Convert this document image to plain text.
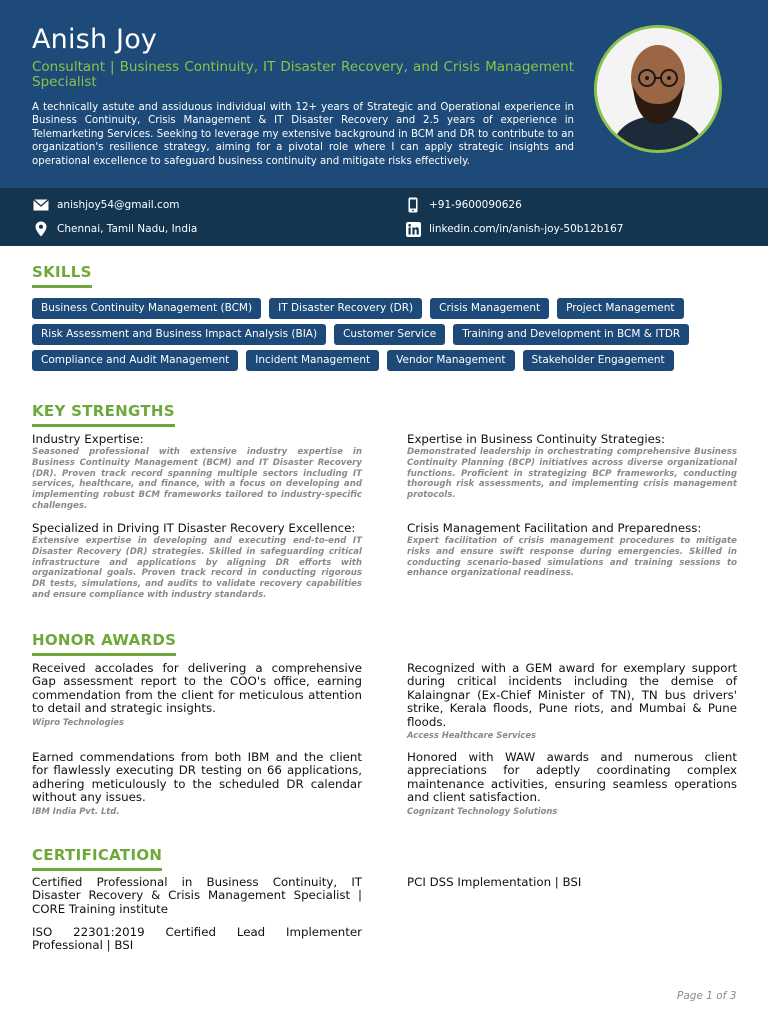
Anish Joy
Consultant | Business Continuity, IT Disaster Recovery, and Crisis Management Specialist
A technically astute and assiduous individual with 12+ years of Strategic and Operational experience in Business Continuity, Crisis Management & IT Disaster Recovery and 2.5 years of experience in Telemarketing Services. Seeking to leverage my extensive background in BCM and DR to contribute to an organization's resilience strategy, aiming for a pivotal role where I can apply strategic insights and operational excellence to safeguard business continuity and mitigate risks effectively.
anishjoy54@gmail.com	+91-9600090626
Chennai, Tamil Nadu, India	linkedin.com/in/anish-joy-50b12b167
SKILLS
Business Continuity Management (BCM)	IT Disaster Recovery (DR)	Crisis Management	Project Management
Risk Assessment and Business Impact Analysis (BIA)	Customer Service	Training and Development in BCM & ITDR
Compliance and Audit Management	Incident Management	Vendor Management	Stakeholder Engagement
KEY STRENGTHS
Industry Expertise:
Seasoned professional with extensive industry expertise in Business Continuity Management (BCM) and IT Disaster Recovery (DR). Proven track record spanning multiple sectors including IT services, healthcare, and finance, with a focus on developing and implementing robust BCM frameworks tailored to industry-specific challenges.
Expertise in Business Continuity Strategies:
Demonstrated leadership in orchestrating comprehensive Business Continuity Planning (BCP) initiatives across diverse organizational functions. Proficient in strategizing BCP frameworks, conducting thorough risk assessments, and implementing crisis management protocols.
Specialized in Driving IT Disaster Recovery Excellence:
Extensive expertise in developing and executing end-to-end IT Disaster Recovery (DR) strategies. Skilled in safeguarding critical infrastructure and applications by aligning DR efforts with organizational goals. Proven track record in conducting rigorous DR tests, simulations, and audits to validate recovery capabilities and ensure compliance with industry standards.
Crisis Management Facilitation and Preparedness:
Expert facilitation of crisis management procedures to mitigate risks and ensure swift response during emergencies. Skilled in conducting scenario-based simulations and training sessions to enhance organizational readiness.
HONOR AWARDS
Received accolades for delivering a comprehensive Gap assessment report to the COO's office, earning commendation from the client for meticulous attention to detail and strategic insights.
Wipro Technologies
Recognized with a GEM award for exemplary support during critical incidents including the demise of Kalaingnar (Ex-Chief Minister of TN), TN bus drivers' strike, Kerala floods, Pune riots, and Mumbai & Pune floods.
Access Healthcare Services
Earned commendations from both IBM and the client for flawlessly executing DR testing on 66 applications, adhering meticulously to the scheduled DR calendar without any issues.
IBM India Pvt. Ltd.
Honored with WAW awards and numerous client appreciations for adeptly coordinating complex maintenance activities, ensuring seamless operations and client satisfaction.
Cognizant Technology Solutions
CERTIFICATION
Certified Professional in Business Continuity, IT Disaster Recovery & Crisis Management Specialist | CORE Training institute
PCI DSS Implementation | BSI
ISO 22301:2019 Certified Lead Implementer Professional | BSI
Page 1 of 3
